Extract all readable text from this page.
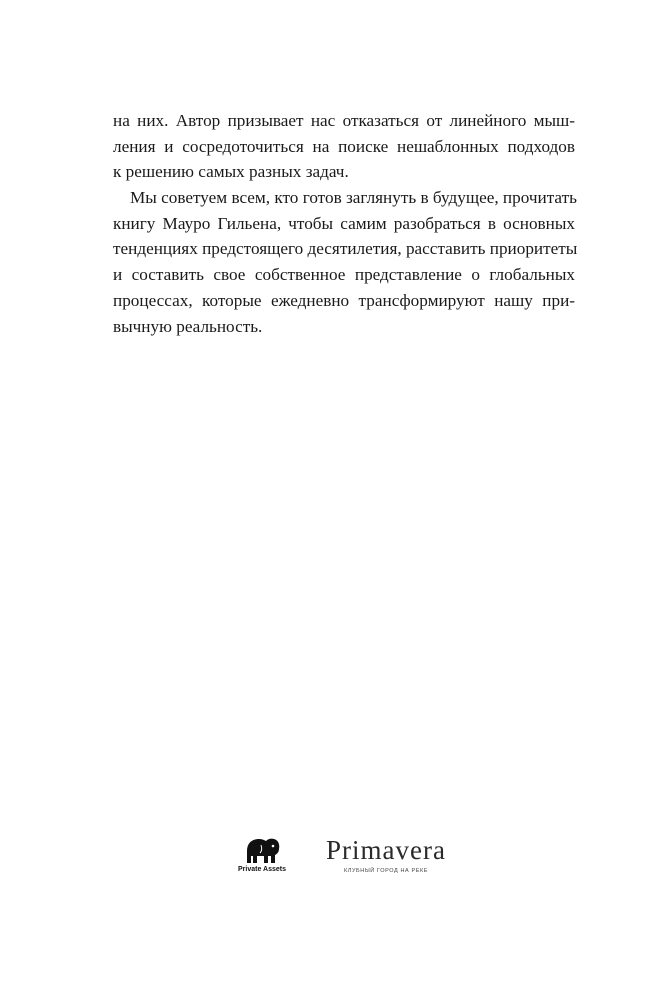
на них. Автор призывает нас отказаться от линейного мыш-
ления и сосредоточиться на поиске нешаблонных подходов
к решению самых разных задач.
Мы советуем всем, кто готов заглянуть в будущее, прочитать
книгу Мауро Гильена, чтобы самим разобраться в основных
тенденциях предстоящего десятилетия, расставить приоритеты
и составить свое собственное представление о глобальных
процессах, которые ежедневно трансформируют нашу при-
вычную реальность.
Private Assets
Primavera
КЛУБНЫЙ ГОРОД НА РЕКЕ
